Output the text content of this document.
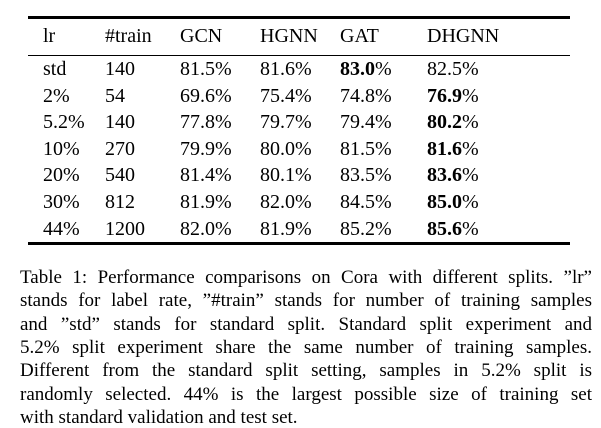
lr	#train	GCN	HGNN	GAT	DHGNN
std	140	81.5%	81.6%	83.0%	82.5%
2%	54	69.6%	75.4%	74.8%	76.9%
5.2%	140	77.8%	79.7%	79.4%	80.2%
10%	270	79.9%	80.0%	81.5%	81.6%
20%	540	81.4%	80.1%	83.5%	83.6%
30%	812	81.9%	82.0%	84.5%	85.0%
44%	1200	82.0%	81.9%	85.2%	85.6%
Table 1: Performance comparisons on Cora with different splits. ”lr”
stands for label rate, ”#train” stands for number of training samples
and ”std” stands for standard split. Standard split experiment and
5.2% split experiment share the same number of training samples.
Different from the standard split setting, samples in 5.2% split is
randomly selected. 44% is the largest possible size of training set
with standard validation and test set.
